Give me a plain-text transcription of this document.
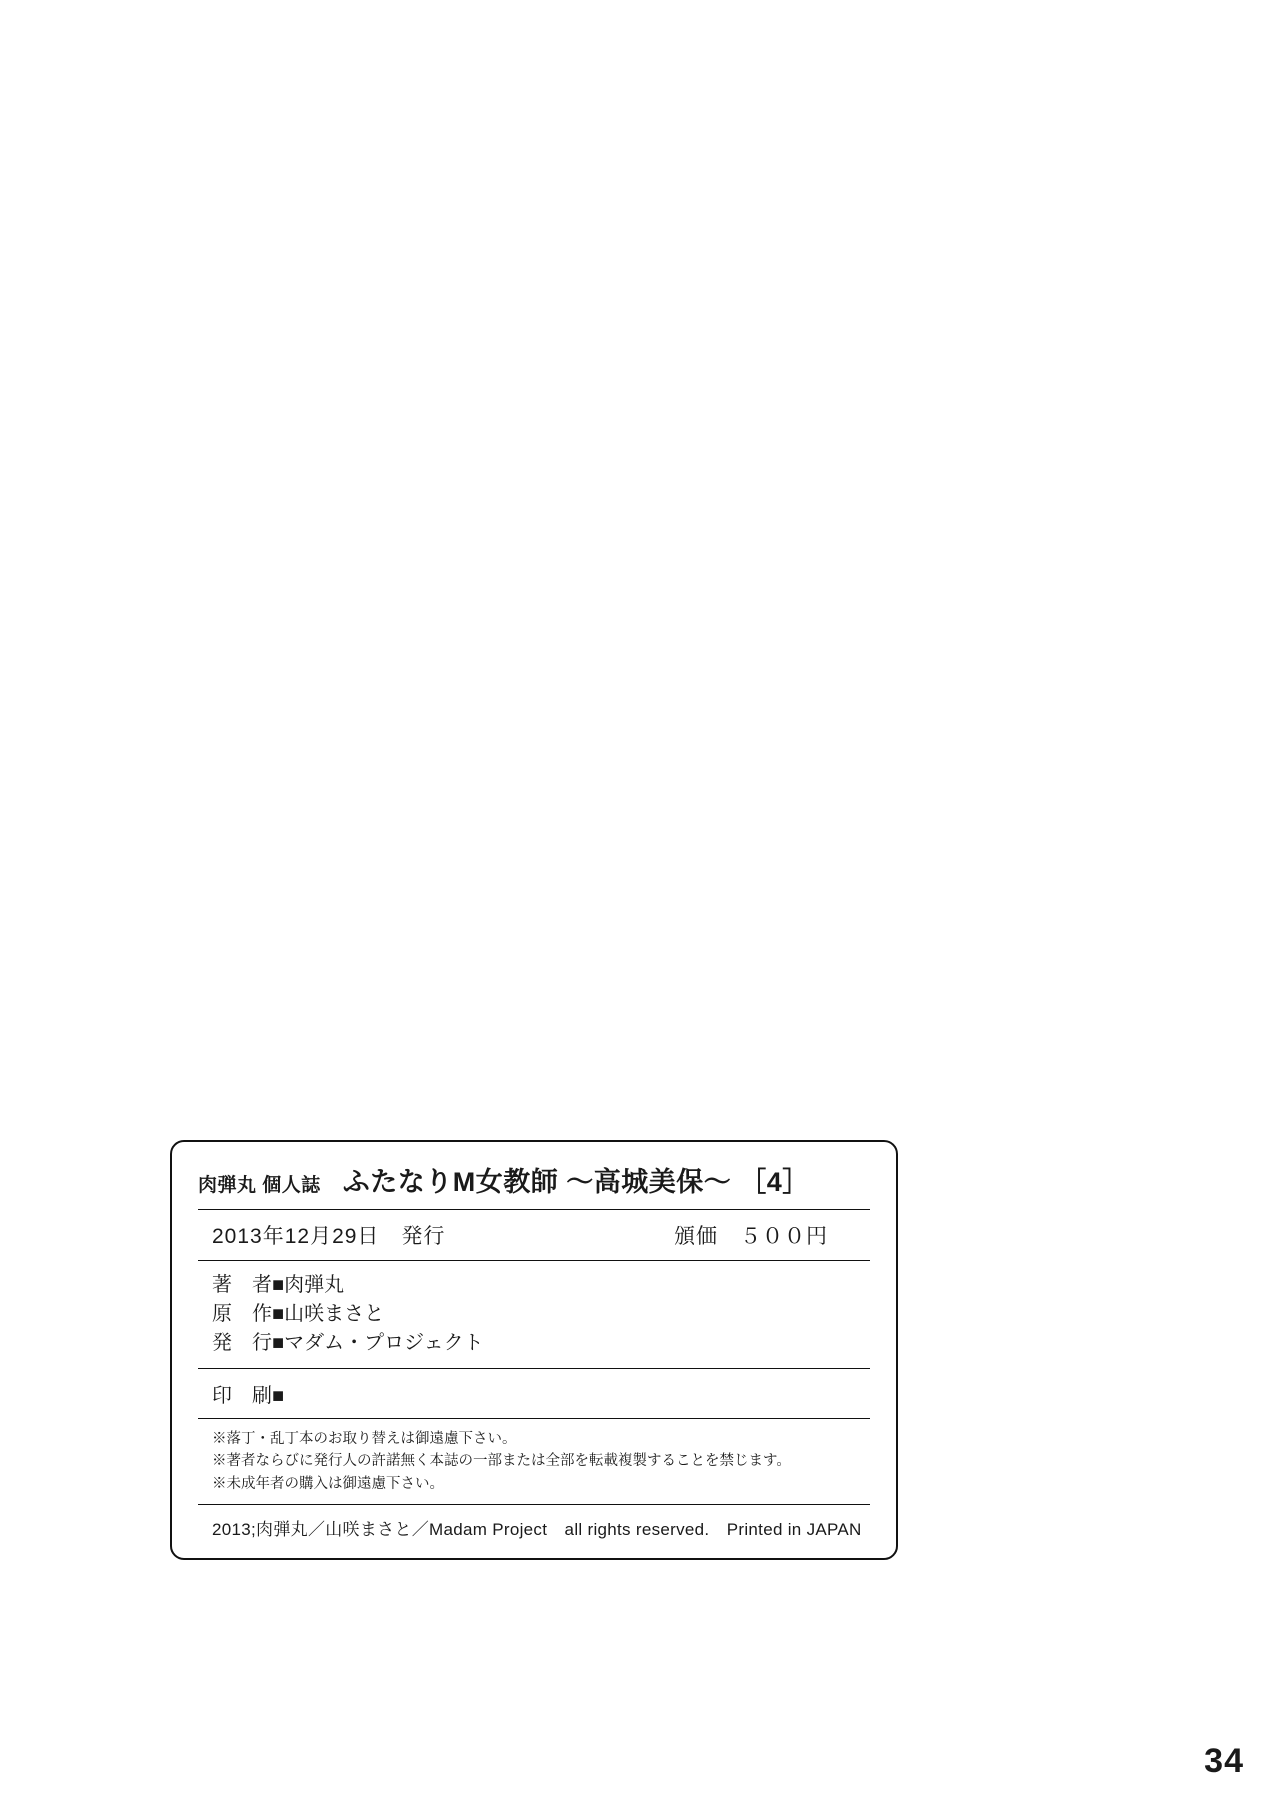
肉弾丸 個人誌 ふたなりM女教師 〜高城美保〜 ［4］
2013年12月29日　発行	頒価　５００円
著　者■肉弾丸
原　作■山咲まさと
発　行■マダム・プロジェクト
印　刷■
※落丁・乱丁本のお取り替えは御遠慮下さい。
※著者ならびに発行人の許諾無く本誌の一部または全部を転載複製することを禁じます。
※未成年者の購入は御遠慮下さい。
2013;肉弾丸／山咲まさと／Madam Project　all rights reserved.　Printed in JAPAN
34
